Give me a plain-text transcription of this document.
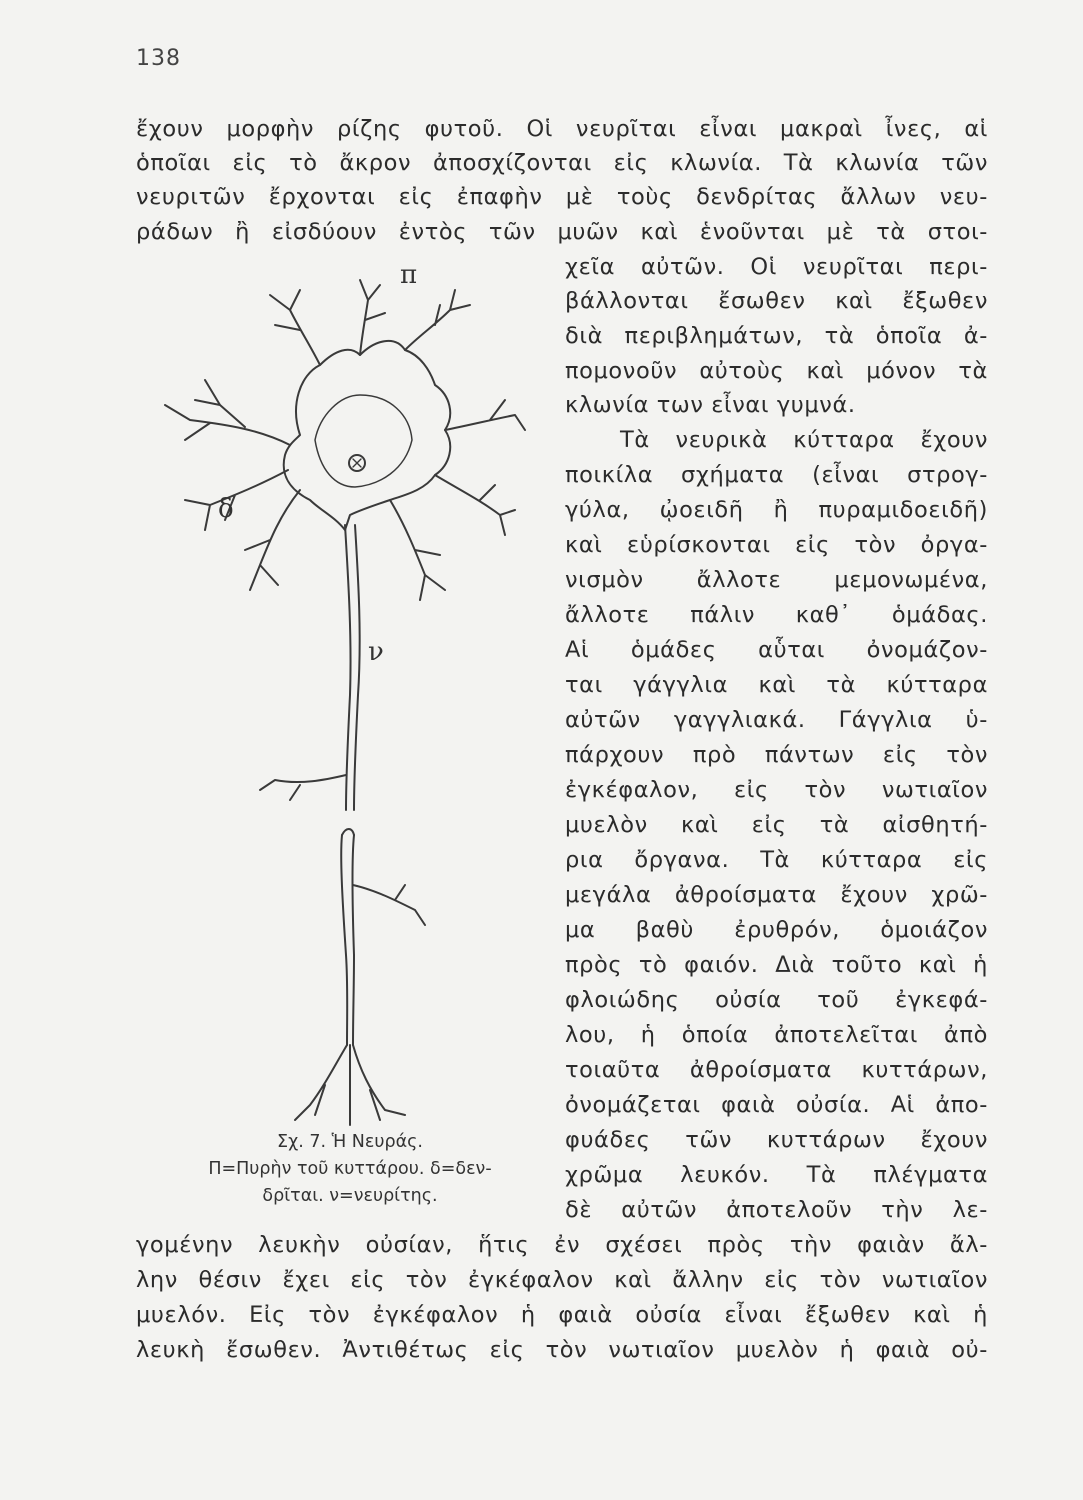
138
ἔχουν μορφὴν ρίζης φυτοῦ. Οἱ νευρῖται εἶναι μακραὶ ἶνες, αἱ
ὁποῖαι εἰς τὸ ἄκρον ἀποσχίζονται εἰς κλωνία. Τὰ κλωνία τῶν
νευριτῶν ἔρχονται εἰς ἐπαφὴν μὲ τοὺς δενδρίτας ἄλλων νευ-
ράδων ἢ εἰσδύουν ἐντὸς τῶν μυῶν καὶ ἑνοῦνται μὲ τὰ στοι-
χεῖα αὐτῶν. Οἱ νευρῖται περι-
βάλλονται ἔσωθεν καὶ ἔξωθεν
διὰ περιβλημάτων, τὰ ὁποῖα ἀ-
πομονοῦν αὐτοὺς καὶ μόνον τὰ
κλωνία των εἶναι γυμνά.
Τὰ νευρικὰ κύτταρα ἔχουν
ποικίλα σχήματα (εἶναι στρογ-
γύλα, ᾠοειδῆ ἢ πυραμιδοειδῆ)
καὶ εὑρίσκονται εἰς τὸν ὀργα-
νισμὸν ἄλλοτε μεμονωμένα,
ἄλλοτε πάλιν καθ᾽ ὁμάδας.
Αἱ ὁμάδες αὗται ὀνομάζον-
ται γάγγλια καὶ τὰ κύτταρα
αὐτῶν γαγγλιακά. Γάγγλια ὑ-
πάρχουν πρὸ πάντων εἰς τὸν
ἐγκέφαλον, εἰς τὸν νωτιαῖον
μυελὸν καὶ εἰς τὰ αἰσθητή-
ρια ὄργανα. Τὰ κύτταρα εἰς
μεγάλα ἀθροίσματα ἔχουν χρῶ-
μα βαθὺ ἐρυθρόν, ὁμοιάζον
πρὸς τὸ φαιόν. Διὰ τοῦτο καὶ ἡ
φλοιώδης οὐσία τοῦ ἐγκεφά-
λου, ἡ ὁποία ἀποτελεῖται ἀπὸ
τοιαῦτα ἀθροίσματα κυττάρων,
ὀνομάζεται φαιὰ οὐσία. Αἱ ἀπο-
φυάδες τῶν κυττάρων ἔχουν
χρῶμα λευκόν. Τὰ πλέγματα
δὲ αὐτῶν ἀποτελοῦν τὴν λε-
γομένην λευκὴν οὐσίαν, ἥτις ἐν σχέσει πρὸς τὴν φαιὰν ἄλ-
λην θέσιν ἔχει εἰς τὸν ἐγκέφαλον καὶ ἄλλην εἰς τὸν νωτιαῖον
μυελόν. Εἰς τὸν ἐγκέφαλον ἡ φαιὰ οὐσία εἶναι ἔξωθεν καὶ ἡ
λευκὴ ἔσωθεν. Ἀντιθέτως εἰς τὸν νωτιαῖον μυελὸν ἡ φαιὰ οὐ-
π
δ
ν
Σχ. 7. Ἡ Νευράς.
Π=Πυρὴν τοῦ κυττάρου. δ=δεν-
δρῖται. ν=νευρίτης.
